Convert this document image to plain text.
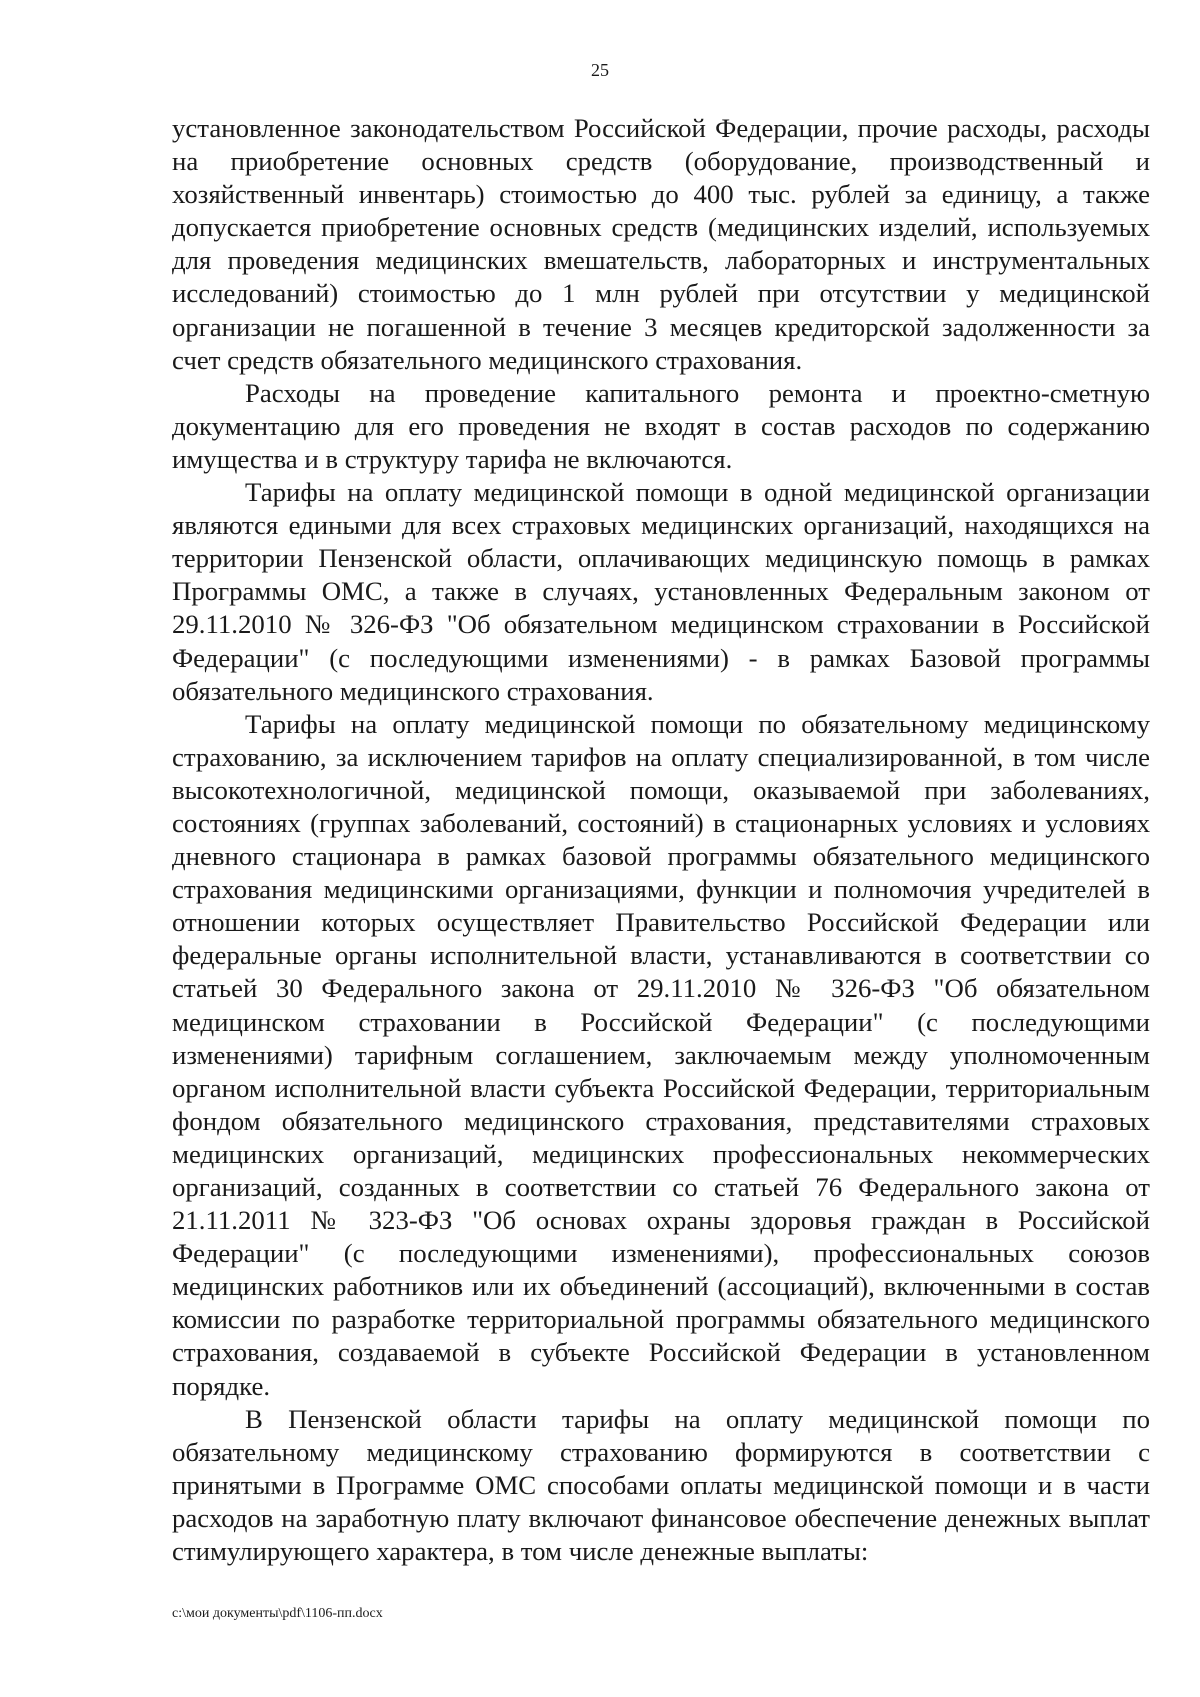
25

установленное законодательством Российской Федерации, прочие расходы, расходы на приобретение основных средств (оборудование, производственный и хозяйственный инвентарь) стоимостью до 400 тыс. рублей за единицу, а также допускается приобретение основных средств (медицинских изделий, используемых для проведения медицинских вмешательств, лабораторных и инструментальных исследований) стоимостью до 1 млн рублей при отсутствии у медицинской организации не погашенной в течение 3 месяцев кредиторской задолженности за счет средств обязательного медицинского страхования.

Расходы на проведение капитального ремонта и проектно-сметную документацию для его проведения не входят в состав расходов по содержанию имущества и в структуру тарифа не включаются.

Тарифы на оплату медицинской помощи в одной медицинской организации являются едиными для всех страховых медицинских организаций, находящихся на территории Пензенской области, оплачивающих медицинскую помощь в рамках Программы ОМС, а также в случаях, установленных Федеральным законом от 29.11.2010 № 326-ФЗ "Об обязательном медицинском страховании в Российской Федерации" (с последующими изменениями) - в рамках Базовой программы обязательного медицинского страхования.

Тарифы на оплату медицинской помощи по обязательному медицинскому страхованию, за исключением тарифов на оплату специализированной, в том числе высокотехнологичной, медицинской помощи, оказываемой при заболеваниях, состояниях (группах заболеваний, состояний) в стационарных условиях и условиях дневного стационара в рамках базовой программы обязательного медицинского страхования медицинскими организациями, функции и полномочия учредителей в отношении которых осуществляет Правительство Российской Федерации или федеральные органы исполнительной власти, устанавливаются в соответствии со статьей 30 Федерального закона от 29.11.2010 № 326-ФЗ "Об обязательном медицинском страховании в Российской Федерации" (с последующими изменениями) тарифным соглашением, заключаемым между уполномоченным органом исполнительной власти субъекта Российской Федерации, территориальным фондом обязательного медицинского страхования, представителями страховых медицинских организаций, медицинских профессиональных некоммерческих организаций, созданных в соответствии со статьей 76 Федерального закона от 21.11.2011 № 323-ФЗ "Об основах охраны здоровья граждан в Российской Федерации" (с последующими изменениями), профессиональных союзов медицинских работников или их объединений (ассоциаций), включенными в состав комиссии по разработке территориальной программы обязательного медицинского страхования, создаваемой в субъекте Российской Федерации в установленном порядке.

В Пензенской области тарифы на оплату медицинской помощи по обязательному медицинскому страхованию формируются в соответствии с принятыми в Программе ОМС способами оплаты медицинской помощи и в части расходов на заработную плату включают финансовое обеспечение денежных выплат стимулирующего характера, в том числе денежные выплаты:

c:\мои документы\pdf\1106-пп.docx
